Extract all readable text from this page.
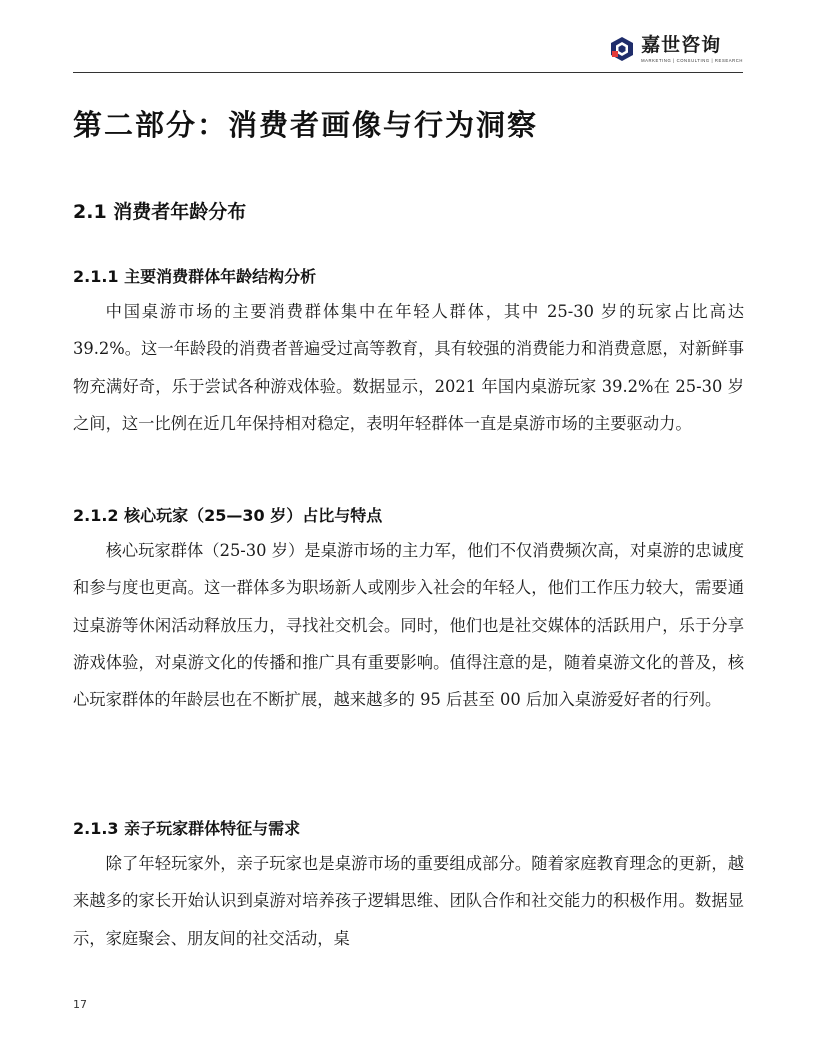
嘉世咨询
MARKETING | CONSULTING | RESEARCH
第二部分：消费者画像与行为洞察
2.1 消费者年龄分布
2.1.1 主要消费群体年龄结构分析

中国桌游市场的主要消费群体集中在年轻人群体，其中 25-30 岁的玩家占比高达 39.2%。这一年龄段的消费者普遍受过高等教育，具有较强的消费能力和消费意愿，对新鲜事物充满好奇，乐于尝试各种游戏体验。数据显示，2021 年国内桌游玩家 39.2%在 25-30 岁之间，这一比例在近几年保持相对稳定，表明年轻群体一直是桌游市场的主要驱动力。

2.1.2 核心玩家（25—30 岁）占比与特点

核心玩家群体（25-30 岁）是桌游市场的主力军，他们不仅消费频次高，对桌游的忠诚度和参与度也更高。这一群体多为职场新人或刚步入社会的年轻人，他们工作压力较大，需要通过桌游等休闲活动释放压力，寻找社交机会。同时，他们也是社交媒体的活跃用户，乐于分享游戏体验，对桌游文化的传播和推广具有重要影响。值得注意的是，随着桌游文化的普及，核心玩家群体的年龄层也在不断扩展，越来越多的 95 后甚至 00 后加入桌游爱好者的行列。

2.1.3 亲子玩家群体特征与需求

除了年轻玩家外，亲子玩家也是桌游市场的重要组成部分。随着家庭教育理念的更新，越来越多的家长开始认识到桌游对培养孩子逻辑思维、团队合作和社交能力的积极作用。数据显示，家庭聚会、朋友间的社交活动，桌

17
